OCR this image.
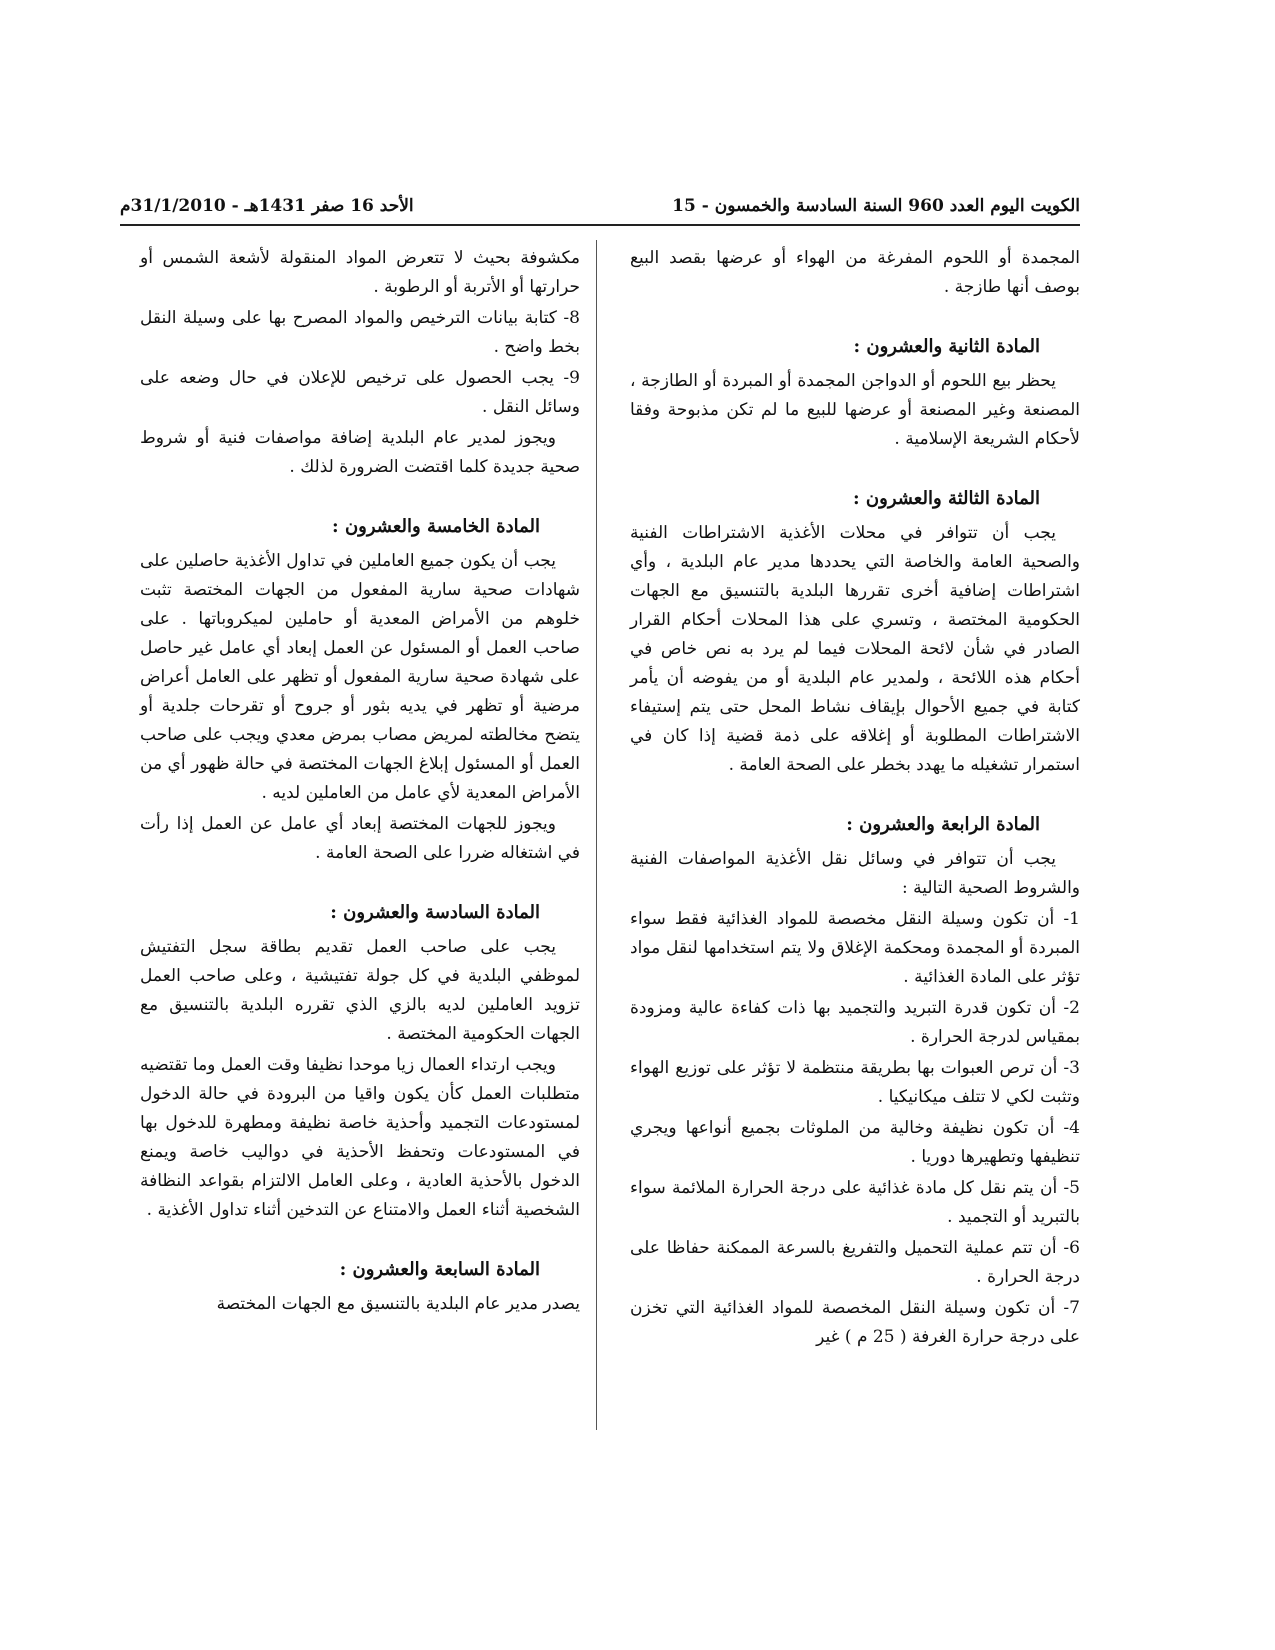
الكويت اليوم العدد 960 السنة السادسة والخمسون - 15
الأحد 16 صفر 1431هـ - 31/1/2010م

المجمدة أو اللحوم المفرغة من الهواء أو عرضها بقصد البيع بوصف أنها طازجة .

المادة الثانية والعشرون :

يحظر بيع اللحوم أو الدواجن المجمدة أو المبردة أو الطازجة ، المصنعة وغير المصنعة أو عرضها للبيع ما لم تكن مذبوحة وفقا لأحكام الشريعة الإسلامية .

المادة الثالثة والعشرون :

يجب أن تتوافر في محلات الأغذية الاشتراطات الفنية والصحية العامة والخاصة التي يحددها مدير عام البلدية ، وأي اشتراطات إضافية أخرى تقررها البلدية بالتنسيق مع الجهات الحكومية المختصة ، وتسري على هذا المحلات أحكام القرار الصادر في شأن لائحة المحلات فيما لم يرد به نص خاص في أحكام هذه اللائحة ، ولمدير عام البلدية أو من يفوضه أن يأمر كتابة في جميع الأحوال بإيقاف نشاط المحل حتى يتم إستيفاء الاشتراطات المطلوبة أو إغلاقه على ذمة قضية إذا كان في استمرار تشغيله ما يهدد بخطر على الصحة العامة .

المادة الرابعة والعشرون :

يجب أن تتوافر في وسائل نقل الأغذية المواصفات الفنية والشروط الصحية التالية :

1- أن تكون وسيلة النقل مخصصة للمواد الغذائية فقط سواء المبردة أو المجمدة ومحكمة الإغلاق ولا يتم استخدامها لنقل مواد تؤثر على المادة الغذائية .

2- أن تكون قدرة التبريد والتجميد بها ذات كفاءة عالية ومزودة بمقياس لدرجة الحرارة .

3- أن ترص العبوات بها بطريقة منتظمة لا تؤثر على توزيع الهواء وتثبت لكي لا تتلف ميكانيكيا .

4- أن تكون نظيفة وخالية من الملوثات بجميع أنواعها ويجري تنظيفها وتطهيرها دوريا .

5- أن يتم نقل كل مادة غذائية على درجة الحرارة الملائمة سواء بالتبريد أو التجميد .

6- أن تتم عملية التحميل والتفريغ بالسرعة الممكنة حفاظا على درجة الحرارة .

7- أن تكون وسيلة النقل المخصصة للمواد الغذائية التي تخزن على درجة حرارة الغرفة ( 25 م ) غير

مكشوفة بحيث لا تتعرض المواد المنقولة لأشعة الشمس أو حرارتها أو الأتربة أو الرطوبة .

8- كتابة بيانات الترخيص والمواد المصرح بها على وسيلة النقل بخط واضح .

9- يجب الحصول على ترخيص للإعلان في حال وضعه على وسائل النقل .

ويجوز لمدير عام البلدية إضافة مواصفات فنية أو شروط صحية جديدة كلما اقتضت الضرورة لذلك .

المادة الخامسة والعشرون :

يجب أن يكون جميع العاملين في تداول الأغذية حاصلين على شهادات صحية سارية المفعول من الجهات المختصة تثبت خلوهم من الأمراض المعدية أو حاملين لميكروباتها . على صاحب العمل أو المسئول عن العمل إبعاد أي عامل غير حاصل على شهادة صحية سارية المفعول أو تظهر على العامل أعراض مرضية أو تظهر في يديه بثور أو جروح أو تقرحات جلدية أو يتضح مخالطته لمريض مصاب بمرض معدي ويجب على صاحب العمل أو المسئول إبلاغ الجهات المختصة في حالة ظهور أي من الأمراض المعدية لأي عامل من العاملين لديه .

ويجوز للجهات المختصة إبعاد أي عامل عن العمل إذا رأت في اشتغاله ضررا على الصحة العامة .

المادة السادسة والعشرون :

يجب على صاحب العمل تقديم بطاقة سجل التفتيش لموظفي البلدية في كل جولة تفتيشية ، وعلى صاحب العمل تزويد العاملين لديه بالزي الذي تقرره البلدية بالتنسيق مع الجهات الحكومية المختصة .

ويجب ارتداء العمال زيا موحدا نظيفا وقت العمل وما تقتضيه متطلبات العمل كأن يكون واقيا من البرودة في حالة الدخول لمستودعات التجميد وأحذية خاصة نظيفة ومطهرة للدخول بها في المستودعات وتحفظ الأحذية في دواليب خاصة ويمنع الدخول بالأحذية العادية ، وعلى العامل الالتزام بقواعد النظافة الشخصية أثناء العمل والامتناع عن التدخين أثناء تداول الأغذية .

المادة السابعة والعشرون :

يصدر مدير عام البلدية بالتنسيق مع الجهات المختصة
